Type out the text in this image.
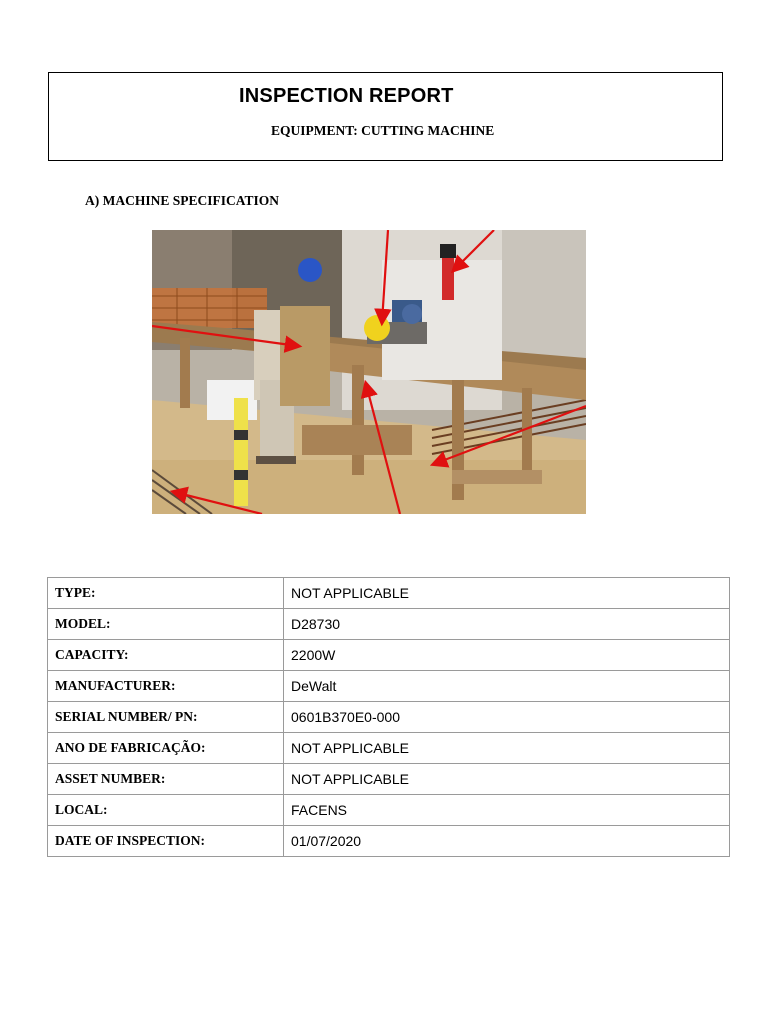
INSPECTION REPORT

EQUIPMENT: CUTTING MACHINE

A) MACHINE SPECIFICATION

TYPE:	NOT APPLICABLE
MODEL:	D28730
CAPACITY:	2200W
MANUFACTURER:	DeWalt
SERIAL NUMBER/ PN:	0601B370E0-000
ANO DE FABRICAÇÃO:	NOT APPLICABLE
ASSET NUMBER:	NOT APPLICABLE
LOCAL:	FACENS
DATE OF INSPECTION:	01/07/2020
